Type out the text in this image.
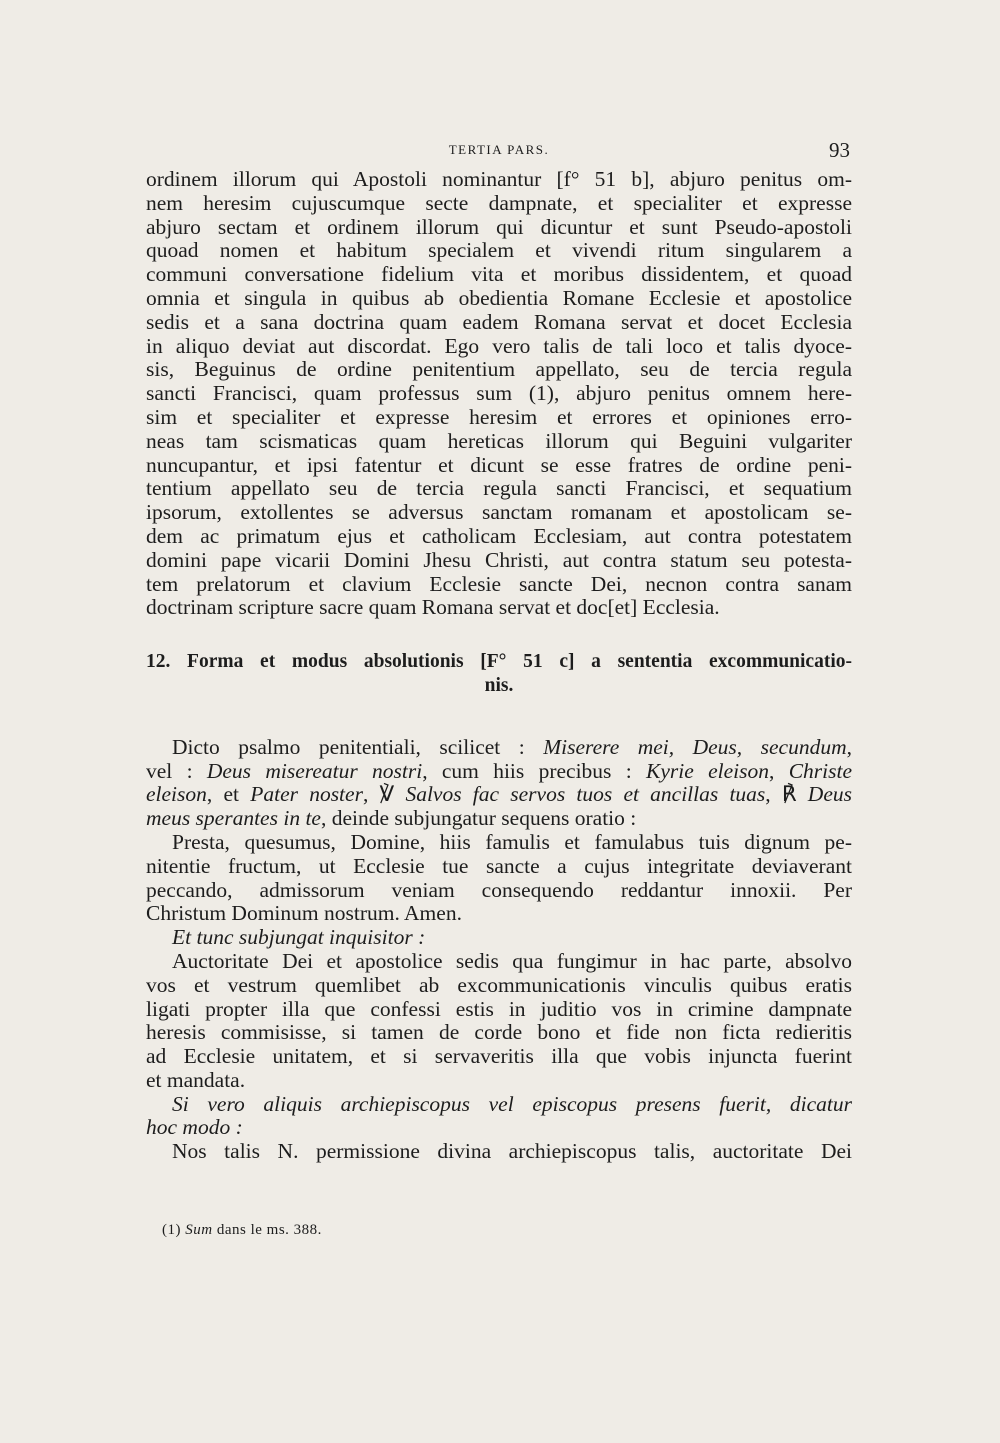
TERTIA PARS.	93
ordinem illorum qui Apostoli nominantur [f° 51 b], abjuro penitus om-
nem heresim cujuscumque secte dampnate, et specialiter et expresse
abjuro sectam et ordinem illorum qui dicuntur et sunt Pseudo-apostoli
quoad nomen et habitum specialem et vivendi ritum singularem a
communi conversatione fidelium vita et moribus dissidentem, et quoad
omnia et singula in quibus ab obedientia Romane Ecclesie et apostolice
sedis et a sana doctrina quam eadem Romana servat et docet Ecclesia
in aliquo deviat aut discordat. Ego vero talis de tali loco et talis dyoce-
sis, Beguinus de ordine penitentium appellato, seu de tercia regula
sancti Francisci, quam professus sum (1), abjuro penitus omnem here-
sim et specialiter et expresse heresim et errores et opiniones erro-
neas tam scismaticas quam hereticas illorum qui Beguini vulgariter
nuncupantur, et ipsi fatentur et dicunt se esse fratres de ordine peni-
tentium appellato seu de tercia regula sancti Francisci, et sequatium
ipsorum, extollentes se adversus sanctam romanam et apostolicam se-
dem ac primatum ejus et catholicam Ecclesiam, aut contra potestatem
domini pape vicarii Domini Jhesu Christi, aut contra statum seu potesta-
tem prelatorum et clavium Ecclesie sancte Dei, necnon contra sanam
doctrinam scripture sacre quam Romana servat et doc[et] Ecclesia.
12. Forma et modus absolutionis [F° 51 c] a sententia excommunicatio-
nis.
Dicto psalmo penitentiali, scilicet : Miserere mei, Deus, secundum,
vel : Deus misereatur nostri, cum hiis precibus : Kyrie eleison, Christe
eleison, et Pater noster, ℣ Salvos fac servos tuos et ancillas tuas, ℟ Deus
meus sperantes in te, deinde subjungatur sequens oratio :
Presta, quesumus, Domine, hiis famulis et famulabus tuis dignum pe-
nitentie fructum, ut Ecclesie tue sancte a cujus integritate deviaverant
peccando, admissorum veniam consequendo reddantur innoxii. Per
Christum Dominum nostrum. Amen.
Et tunc subjungat inquisitor :
Auctoritate Dei et apostolice sedis qua fungimur in hac parte, absolvo
vos et vestrum quemlibet ab excommunicationis vinculis quibus eratis
ligati propter illa que confessi estis in juditio vos in crimine dampnate
heresis commisisse, si tamen de corde bono et fide non ficta redieritis
ad Ecclesie unitatem, et si servaveritis illa que vobis injuncta fuerint
et mandata.
Si vero aliquis archiepiscopus vel episcopus presens fuerit, dicatur
hoc modo :
Nos talis N. permissione divina archiepiscopus talis, auctoritate Dei
(1) Sum dans le ms. 388.
